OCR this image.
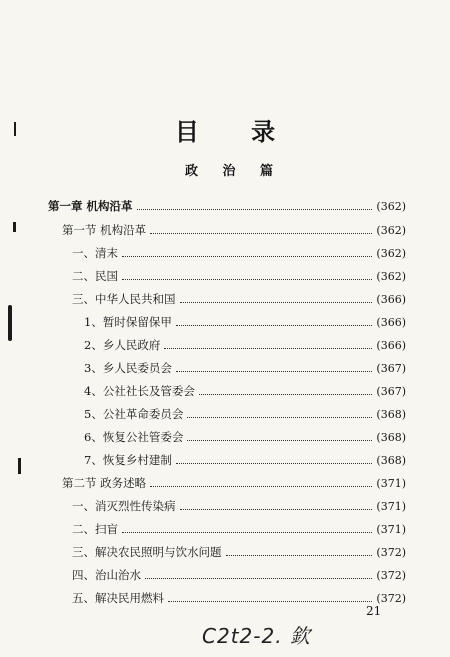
目 录
政 治 篇
第一章 机构沿革	(362)
第一节 机构沿革	(362)
一、清末	(362)
二、民国	(362)
三、中华人民共和国	(366)
1、暂时保留保甲	(366)
2、乡人民政府	(366)
3、乡人民委员会	(367)
4、公社社长及管委会	(367)
5、公社革命委员会	(368)
6、恢复公社管委会	(368)
7、恢复乡村建制	(368)
第二节 政务述略	(371)
一、消灭烈性传染病	(371)
二、扫盲	(371)
三、解决农民照明与饮水问题	(372)
四、治山治水	(372)
五、解决民用燃料	(372)
21
C2t2-2. 欽
